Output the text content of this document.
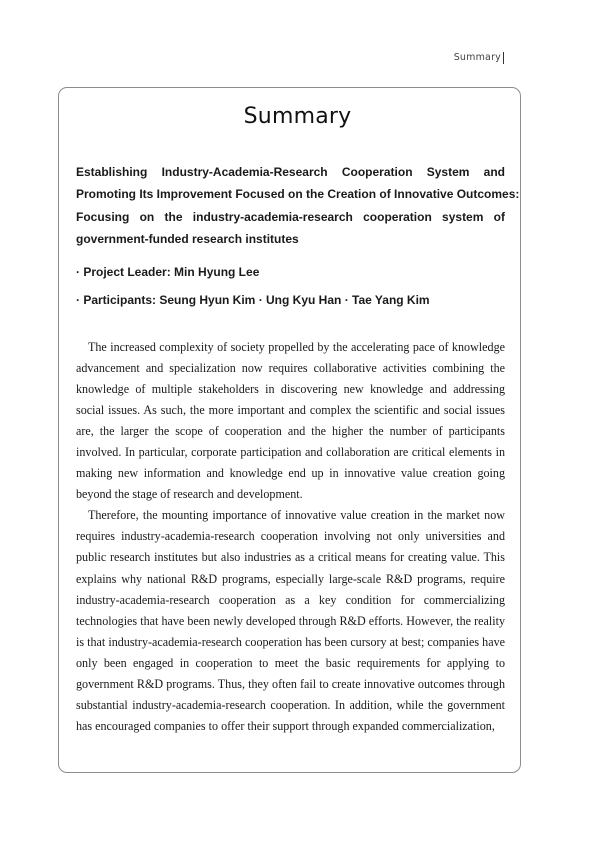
Summary
Summary
Establishing Industry-Academia-Research Cooperation System and
Promoting Its Improvement Focused on the Creation of Innovative Outcomes:
Focusing on the industry-academia-research cooperation system of
government-funded research institutes
· Project Leader: Min Hyung Lee
· Participants: Seung Hyun Kim · Ung Kyu Han · Tae Yang Kim

The increased complexity of society propelled by the accelerating pace of knowledge advancement and specialization now requires collaborative activities combining the knowledge of multiple stakeholders in discovering new knowledge and addressing social issues. As such, the more important and complex the scientific and social issues are, the larger the scope of cooperation and the higher the number of participants involved. In particular, corporate participation and collaboration are critical elements in making new information and knowledge end up in innovative value creation going beyond the stage of research and development.

Therefore, the mounting importance of innovative value creation in the market now requires industry-academia-research cooperation involving not only universities and public research institutes but also industries as a critical means for creating value. This explains why national R&D programs, especially large-scale R&D programs, require industry-academia-research cooperation as a key condition for commercializing technologies that have been newly developed through R&D efforts. However, the reality is that industry-academia-research cooperation has been cursory at best; companies have only been engaged in cooperation to meet the basic requirements for applying to government R&D programs. Thus, they often fail to create innovative outcomes through substantial industry-academia-research cooperation. In addition, while the government has encouraged companies to offer their support through expanded commercialization,
